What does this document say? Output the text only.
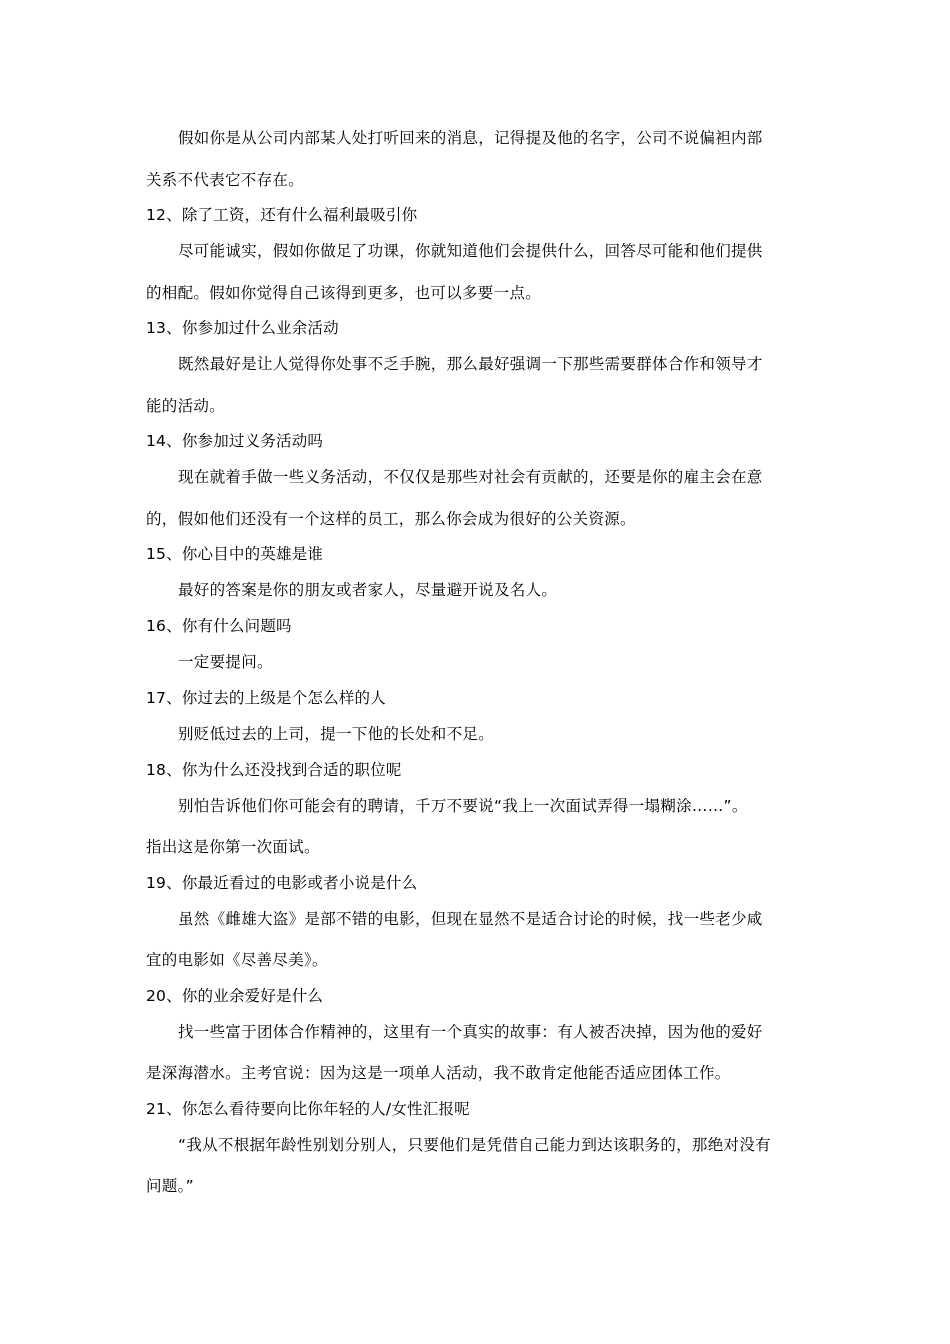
假如你是从公司内部某人处打听回来的消息，记得提及他的名字，公司不说偏袒内部
关系不代表它不存在。
12、除了工资，还有什么福利最吸引你
尽可能诚实，假如你做足了功课，你就知道他们会提供什么，回答尽可能和他们提供
的相配。假如你觉得自己该得到更多，也可以多要一点。
13、你参加过什么业余活动
既然最好是让人觉得你处事不乏手腕，那么最好强调一下那些需要群体合作和领导才
能的活动。
14、你参加过义务活动吗
现在就着手做一些义务活动，不仅仅是那些对社会有贡献的，还要是你的雇主会在意
的，假如他们还没有一个这样的员工，那么你会成为很好的公关资源。
15、你心目中的英雄是谁
最好的答案是你的朋友或者家人，尽量避开说及名人。
16、你有什么问题吗
一定要提问。
17、你过去的上级是个怎么样的人
别贬低过去的上司，提一下他的长处和不足。
18、你为什么还没找到合适的职位呢
别怕告诉他们你可能会有的聘请，千万不要说“我上一次面试弄得一塌糊涂……”。
指出这是你第一次面试。
19、你最近看过的电影或者小说是什么
虽然《雌雄大盗》是部不错的电影，但现在显然不是适合讨论的时候，找一些老少咸
宜的电影如《尽善尽美》。
20、你的业余爱好是什么
找一些富于团体合作精神的，这里有一个真实的故事：有人被否决掉，因为他的爱好
是深海潜水。主考官说：因为这是一项单人活动，我不敢肯定他能否适应团体工作。
21、你怎么看待要向比你年轻的人/女性汇报呢
“我从不根据年龄性别划分别人，只要他们是凭借自己能力到达该职务的，那绝对没有
问题。”
